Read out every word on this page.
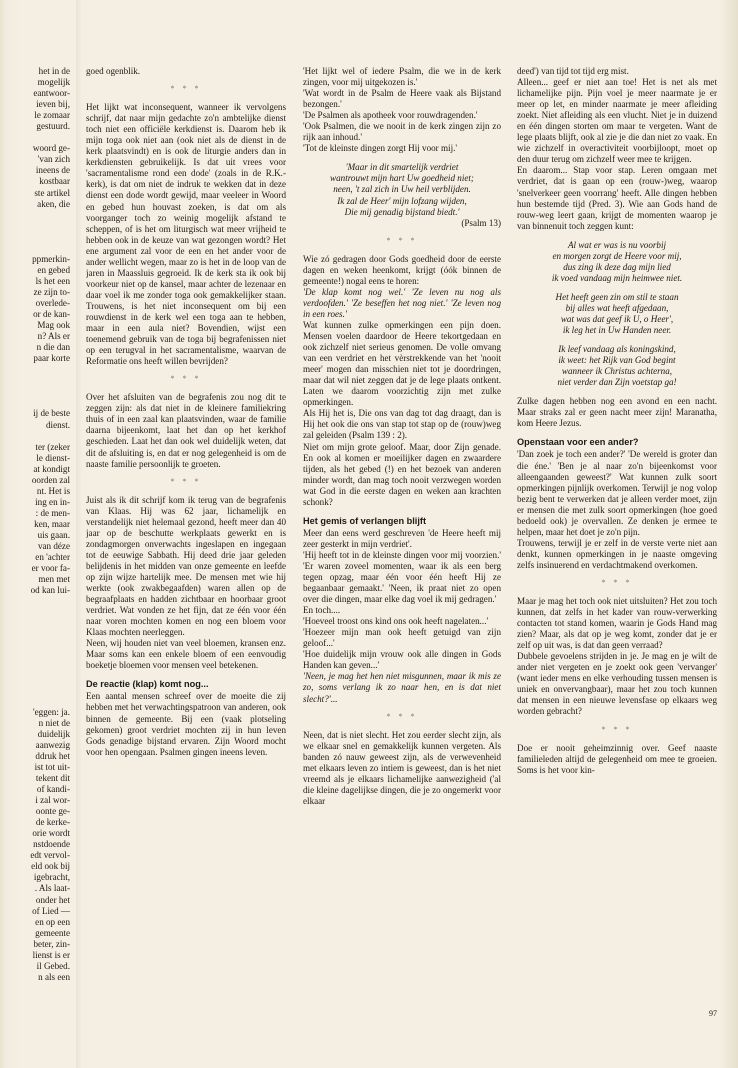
het in de
mogelijk
eantwoor-
ieven bij,
le zomaar
gestuurd.
woord ge-
'van zich
ineens de
kostbaar
ste artikel
aken, die
ppmerkin-
en gebed
ls het een
ze zijn to-
overlede-
or de kan-
Mag ook
n? Als er
n die dan
paar korte
ij de beste
dienst.
ter (zeker
le dienst-
at kondigt
oorden zal
nt. Het is
ing en in-
: de men-
ken, maar
uis gaan.
van déze
en 'achter
er voor fa-
men met
od kan lui-
'eggen: ja.
n niet de
duidelijk
aanwezig
ddruk het
ist tot uit-
tekent dit
of kandi-
i zal wor-
oonte ge-
de kerke-
orie wordt
nstdoende
edt vervol-
eld ook bij
igebracht,
. Als laat-
onder het
of Lied —
en op een
gemeente
beter, zin-
lienst is er
il Gebed.
n als een

goed ogenblik.

* * *

Het lijkt wat inconsequent, wanneer ik vervolgens schrijf, dat naar mijn gedachte zo'n ambtelijke dienst toch niet een officiële kerkdienst is. Daarom heb ik mijn toga ook niet aan (ook niet als de dienst in de kerk plaatsvindt) en is ook de liturgie anders dan in kerkdiensten gebruikelijk. Is dat uit vrees voor 'sacramentalisme rond een dode' (zoals in de R.K.-kerk), is dat om niet de indruk te wekken dat in deze dienst een dode wordt gewijd, maar veeleer in Woord en gebed hun houvast zoeken, is dat om als voorganger toch zo weinig mogelijk afstand te scheppen, of is het om liturgisch wat meer vrijheid te hebben ook in de keuze van wat gezongen wordt? Het ene argument zal voor de een en het ander voor de ander wellicht wegen, maar zo is het in de loop van de jaren in Maassluis gegroeid. Ik de kerk sta ik ook bij voorkeur niet op de kansel, maar achter de lezenaar en daar voel ik me zonder toga ook gemakkelijker staan. Trouwens, is het niet inconsequent om bij een rouwdienst in de kerk wel een toga aan te hebben, maar in een aula niet? Bovendien, wijst een toenemend gebruik van de toga bij begrafenissen niet op een terugval in het sacramentalisme, waarvan de Reformatie ons heeft willen bevrijden?

* * *

Over het afsluiten van de begrafenis zou nog dit te zeggen zijn: als dat niet in de kleinere familiekring thuis of in een zaal kan plaatsvinden, waar de familie daarna bijeenkomt, laat het dan op het kerkhof geschieden. Laat het dan ook wel duidelijk weten, dat dit de afsluiting is, en dat er nog gelegenheid is om de naaste familie persoonlijk te groeten.

* * *

Juist als ik dit schrijf kom ik terug van de begrafenis van Klaas. Hij was 62 jaar, lichamelijk en verstandelijk niet helemaal gezond, heeft meer dan 40 jaar op de beschutte werkplaats gewerkt en is zondagmorgen onverwachts ingeslapen en ingegaan tot de eeuwige Sabbath. Hij deed drie jaar geleden belijdenis in het midden van onze gemeente en leefde op zijn wijze hartelijk mee. De mensen met wie hij werkte (ook zwakbegaafden) waren allen op de begraafplaats en hadden zichtbaar en hoorbaar groot verdriet. Wat vonden ze het fijn, dat ze één voor één naar voren mochten komen en nog een bloem voor Klaas mochten neerleggen.

Neen, wij houden niet van veel bloemen, kransen enz. Maar soms kan een enkele bloem of een eenvoudig boeketje bloemen voor mensen veel betekenen.

De reactie (klap) komt nog...

Een aantal mensen schreef over de moeite die zij hebben met het verwachtingspatroon van anderen, ook binnen de gemeente. Bij een (vaak plotseling gekomen) groot verdriet mochten zij in hun leven Gods genadige bijstand ervaren. Zijn Woord mocht voor hen opengaan. Psalmen gingen ineens leven.

'Het lijkt wel of iedere Psalm, die we in de kerk zingen, voor mij uitgekozen is.'

'Wat wordt in de Psalm de Heere vaak als Bijstand bezongen.'

'De Psalmen als apotheek voor rouwdragenden.'

'Ook Psalmen, die we nooit in de kerk zingen zijn zo rijk aan inhoud.'

'Tot de kleinste dingen zorgt Hij voor mij.'

'Maar in dit smartelijk verdriet
wantrouwt mijn hart Uw goedheid niet;
neen, 't zal zich in Uw heil verblijden.
Ik zal de Heer' mijn lofzang wijden,
Die mij genadig bijstand biedt.'
(Psalm 13)
* * *

Wie zó gedragen door Gods goedheid door de eerste dagen en weken heenkomt, krijgt (óók binnen de gemeente!) nogal eens te horen:

'De klap komt nog wel.' 'Ze leven nu nog als verdoofden.' 'Ze beseffen het nog niet.' 'Ze leven nog in een roes.'

Wat kunnen zulke opmerkingen een pijn doen. Mensen voelen daardoor de Heere tekortgedaan en ook zichzelf niet serieus genomen. De volle omvang van een verdriet en het vèrstrekkende van het 'nooit meer' mogen dan misschien niet tot je doordringen, maar dat wil niet zeggen dat je de lege plaats ontkent. Laten we daarom voorzichtig zijn met zulke opmerkingen.

Als Hij het is, Die ons van dag tot dag draagt, dan is Hij het ook die ons van stap tot stap op de (rouw)weg zal geleiden (Psalm 139 : 2).

Niet om mijn grote geloof. Maar, door Zijn genade. En ook al komen er moeilijker dagen en zwaardere tijden, als het gebed (!) en het bezoek van anderen minder wordt, dan mag toch nooit verzwegen worden wat God in die eerste dagen en weken aan krachten schonk?

Het gemis of verlangen blijft

Meer dan eens werd geschreven 'de Heere heeft mij zeer gesterkt in mijn verdriet'.

'Hij heeft tot in de kleinste dingen voor mij voorzien.' 'Er waren zoveel momenten, waar ik als een berg tegen opzag, maar één voor één heeft Hij ze begaanbaar gemaakt.' 'Neen, ik praat niet zo open over die dingen, maar elke dag voel ik mij gedragen.'

En toch....

'Hoeveel troost ons kind ons ook heeft nagelaten...'

'Hoezeer mijn man ook heeft getuigd van zijn geloof...'

'Hoe duidelijk mijn vrouw ook alle dingen in Gods Handen kan geven...'

'Neen, je mag het hen niet misgunnen, maar ik mis ze zo, soms verlang ik zo naar hen, en is dat niet slecht?'...

* * *

Neen, dat is niet slecht. Het zou eerder slecht zijn, als we elkaar snel en gemakkelijk kunnen vergeten. Als banden zó nauw geweest zijn, als de verwevenheid met elkaars leven zo intiem is geweest, dan is het niet vreemd als je elkaars lichamelijke aanwezigheid ('al die kleine dagelijkse dingen, die je zo ongemerkt voor elkaar

deed') van tijd tot tijd erg mist.

Alleen... geef er niet aan toe! Het is net als met lichamelijke pijn. Pijn voel je meer naarmate je er meer op let, en minder naarmate je meer afleiding zoekt. Niet afleiding als een vlucht. Niet je in duizend en één dingen storten om maar te vergeten. Want de lege plaats blijft, ook al zie je die dan niet zo vaak. En wie zichzelf in overactiviteit voorbijloopt, moet op den duur terug om zichzelf weer mee te krijgen.

En daarom... Stap voor stap. Leren omgaan met verdriet, dat is gaan op een (rouw-)weg, waarop 'snelverkeer geen voorrang' heeft. Alle dingen hebben hun bestemde tijd (Pred. 3). Wie aan Gods hand de rouw-weg leert gaan, krijgt de momenten waarop je van binnenuit toch zeggen kunt:

Al wat er was is nu voorbij
en morgen zorgt de Heere voor mij,
dus zing ik deze dag mijn lied
ik voed vandaag mijn heimwee niet.
Het heeft geen zin om stil te staan
bij alles wat heeft afgedaan,
wat was dat geef ik U, o Heer',
ik leg het in Uw Handen neer.
Ik leef vandaag als koningskind,
ik weet: het Rijk van God begint
wanneer ik Christus achterna,
niet verder dan Zijn voetstap ga!

Zulke dagen hebben nog een avond en een nacht. Maar straks zal er geen nacht meer zijn! Maranatha, kom Heere Jezus.

Openstaan voor een ander?

'Dan zoek je toch een ander?' 'De wereld is groter dan die éne.' 'Ben je al naar zo'n bijeenkomst voor alleengaanden geweest?' Wat kunnen zulk soort opmerkingen pijnlijk overkomen. Terwijl je nog volop bezig bent te verwerken dat je alleen verder moet, zijn er mensen die met zulk soort opmerkingen (hoe goed bedoeld ook) je overvallen. Ze denken je ermee te helpen, maar het doet je zo'n pijn.

Trouwens, terwijl je er zelf in de verste verte niet aan denkt, kunnen opmerkingen in je naaste omgeving zelfs insinuerend en verdachtmakend overkomen.

* * *

Maar je mag het toch ook niet uitsluiten? Het zou toch kunnen, dat zelfs in het kader van rouw-verwerking contacten tot stand komen, waarin je Gods Hand mag zien? Maar, als dat op je weg komt, zonder dat je er zelf op uit was, is dat dan geen verraad?

Dubbele gevoelens strijden in je. Je mag en je wilt de ander niet vergeten en je zoekt ook geen 'vervanger' (want ieder mens en elke verhouding tussen mensen is uniek en onvervangbaar), maar het zou toch kunnen dat mensen in een nieuwe levensfase op elkaars weg worden gebracht?

* * *

Doe er nooit geheimzinnig over. Geef naaste familieleden altijd de gelegenheid om mee te groeien. Soms is het voor kin-

97
